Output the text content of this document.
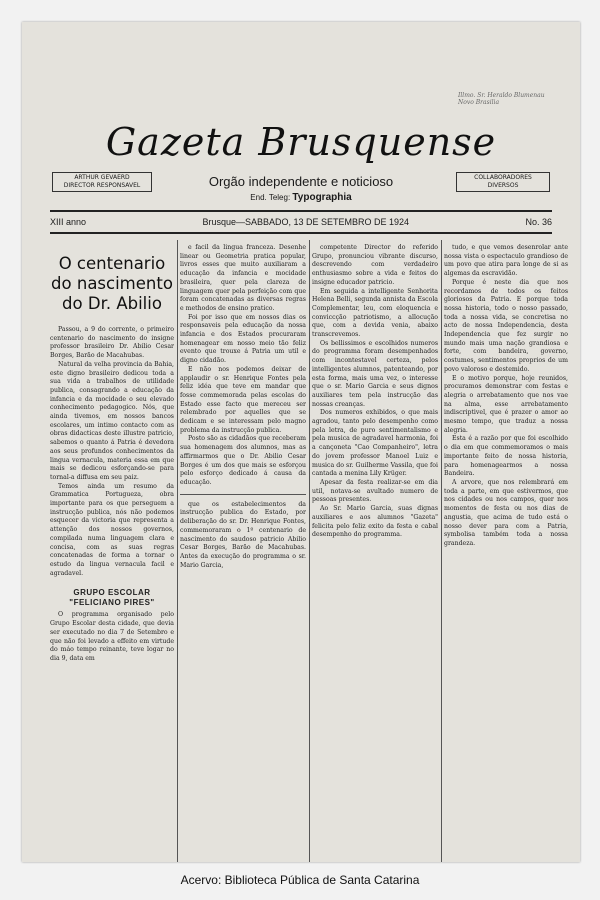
Illmo. Sr. Heraldo Blumenau Novo Brasilia
Gazeta Brusquense
ARTHUR GEVAERD
DIRECTOR RESPONSAVEL
COLLABORADORES
DIVERSOS
Orgão independente e noticioso
End. Teleg: Typographia
XIII anno	Brusque—SABBADO, 13 DE SETEMBRO DE 1924	No. 36
O centenario do nascimento do Dr. Abilio

Passou, a 9 do corrente, o primeiro centenario do nascimento do insigne professor brasileiro Dr. Abilio Cesar Borges, Barão de Macahubas.

Natural da velha provincia da Bahia, este digno brasileiro dedicou toda a sua vida a trabalhos de utilidade publica, consagrando a educação da infancia e da mocidade o seu elevado conhecimento pedagogico. Nós, que ainda tivemos, em nossos bancos escolares, um intimo contacto com as obras didacticas deste illustre patricio, sabemos o quanto á Patria é devedora aos seus profundos conhecimentos da lingua vernacula, materia essa em que mais se dedicou esforçando-se para tornal-a diffusa em seu paiz.

Temos ainda um resumo da Grammatica Portugueza, obra importante para os que perseguem a instrucção publica, nós não podemos esquecer da victoria que representa a attenção dos nossos governos, compilada numa linguagem clara e concisa, com as suas regras concatenadas de forma a tornar o estudo da lingua vernacula facil e agradavel.

GRUPO ESCOLAR
"FELICIANO PIRES"

O programma organisado pelo Grupo Escolar desta cidade, que devia ser executado no dia 7 de Setembro e que não foi levado a effeito em virtude do máo tempo reinante, teve logar no dia 9, data em

e facil da lingua franceza. Desenhe linear ou Geometria pratica popular, livros esses que muito auxiliaram a educação da infancia e mocidade brasileira, quer pela clareza de linguagem quer pela perfeição com que foram concatenadas as diversas regras e methodos de ensino pratico.

Foi por isso que em nossos dias os responsaveis pela educação da nossa infancia e dos Estados procuraram homenagear em nosso meio tão feliz evento que trouxe á Patria um util e digno cidadão.

E não nos podemos deixar de applaudir o sr. Henrique Fontes pela feliz idéa que teve em mandar que fosse commemorada pelas escolas do Estado esse facto que mereceu ser relembrado por aquelles que se dedicam e se interessam pelo magno problema da instrucção publica.

Posto são as cidadãos que receberam sua homenagem dos alumnos, mas as affirmarmos que o Dr. Abilio Cesar Borges é um dos que mais se esforçou pelo esforço dedicado á causa da educação.

que os estabelecimentos da instrucção publica do Estado, por deliberação do sr. Dr. Henrique Fontes, commemoraram o 1º centenario de nascimento do saudoso patricio Abilio Cesar Borges, Barão de Macahubas. Antes da execução do programma o sr. Mario Garcia,

competente Director do referido Grupo, pronunciou vibrante discurso, descrevendo com verdadeiro enthusiasmo sobre a vida e feitos do insigne educador patricio.

Em seguida a intelligente Senhorita Helena Belli, segunda annista da Escola Complementar, leu, com eloquencia e conviccção patriotismo, a allocução que, com a devida venia, abaixo transcrevemos.

Os bellissimos e escolhidos numeros do programma foram desempenhados com incontestavel certeza, pelos intelligentes alumnos, patenteando, por esta forma, mais uma vez, o interesse que o sr. Mario Garcia e seus dignos auxiliares tem pela instrucção das nossas creanças.

Dos numeros exhibidos, o que mais agradou, tanto pelo desempenho como pela letra, de puro sentimentalismo e pela musica de agradavel harmonia, foi a cançoneta "Cao Companheiro", letra do jovem professor Manoel Luiz e musica do sr. Guilherme Vassila, que foi cantada a menina Lily Krüger.

Apesar da festa realizar-se em dia util, notava-se avultado numero de pessoas presentes.

Ao Sr. Mario Garcia, suas dignas auxiliares e aos alumnos "Gazeta" felicita pelo feliz exito da festa e cabal desempenho do programma.

tudo, e que vemos desenrolar ante nossa vista o espectaculo grandioso de um povo que atira para longe de si as algemas da escravidão.

Porque é neste dia que nos recordamos de todos os feitos gloriosos da Patria. E porque toda nossa historia, todo o nosso passado, toda a nossa vida, se concretisa no acto de nossa Independencia, desta Independencia que fez surgir no mundo mais uma nação grandiosa e forte, com bandeira, governo, costumes, sentimentos proprios de um povo valoroso e destemido.

E o motivo porque, hoje reunidos, procuramos demonstrar com festas e alegria o arrebatamento que nos vae na alma, esse arrebatamento indiscriptivel, que é prazer o amor ao mesmo tempo, que traduz a nossa alegria.

Esta é a razão por que foi escolhido o dia em que commemoramos o mais importante feito de nossa historia, para homenagearmos a nossa Bandeira.

A arvore, que nos relembrará em toda a parte, em que estivermos, que nos cidades ou nos campos, quer nos momentos de festa ou nos dias de angustia, que acima de tudo está o nosso dever para com a Patria, symbolisa também toda a nossa grandeza.

Acervo: Biblioteca Pública de Santa Catarina
